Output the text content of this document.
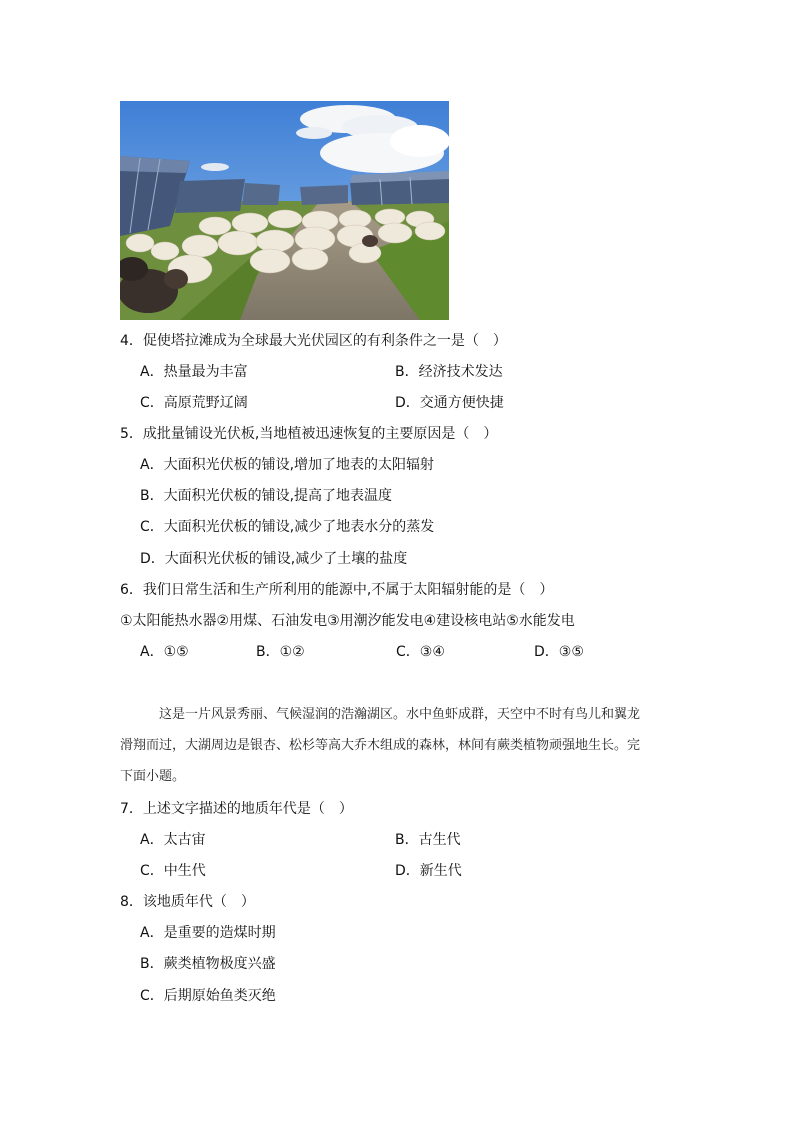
4．促使塔拉滩成为全球最大光伏园区的有利条件之一是（　）
A．热量最为丰富	B．经济技术发达
C．高原荒野辽阔	D．交通方便快捷
5．成批量铺设光伏板,当地植被迅速恢复的主要原因是（　）
A．大面积光伏板的铺设,增加了地表的太阳辐射
B．大面积光伏板的铺设,提高了地表温度
C．大面积光伏板的铺设,减少了地表水分的蒸发
D．大面积光伏板的铺设,减少了土壤的盐度
6．我们日常生活和生产所利用的能源中,不属于太阳辐射能的是（　）
①太阳能热水器②用煤、石油发电③用潮汐能发电④建设核电站⑤水能发电
A．①⑤	B．①②	C．③④	D．③⑤
这是一片风景秀丽、气候湿润的浩瀚湖区。水中鱼虾成群，天空中不时有鸟儿和翼龙
滑翔而过，大湖周边是银杏、松杉等高大乔木组成的森林，林间有蕨类植物顽强地生长。完
下面小题。
7．上述文字描述的地质年代是（　）
A．太古宙	B．古生代
C．中生代	D．新生代
8．该地质年代（　）
A．是重要的造煤时期
B．蕨类植物极度兴盛
C．后期原始鱼类灭绝
